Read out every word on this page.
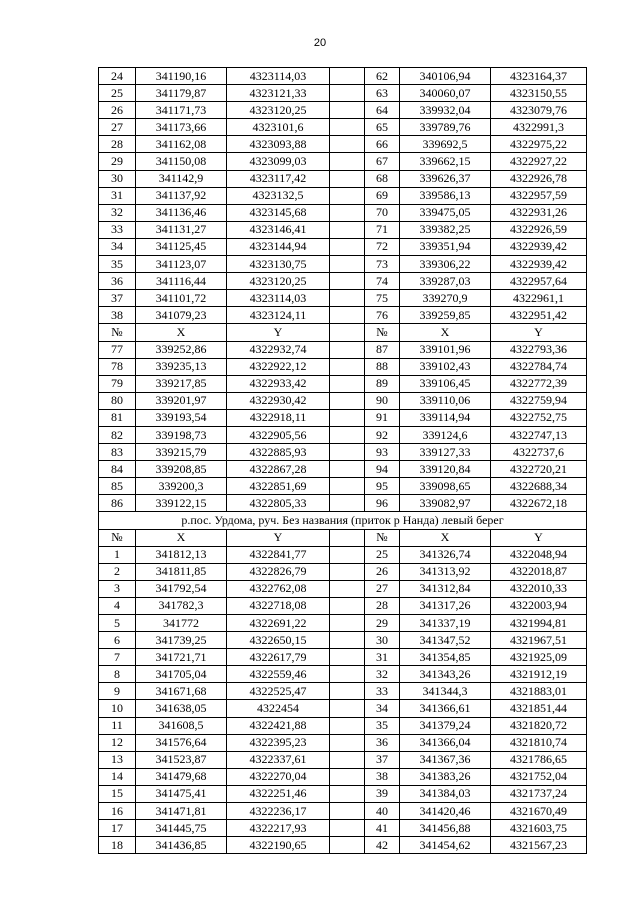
20
24	341190,16	4323114,03		62	340106,94	4323164,37
25	341179,87	4323121,33		63	340060,07	4323150,55
26	341171,73	4323120,25		64	339932,04	4323079,76
27	341173,66	4323101,6		65	339789,76	4322991,3
28	341162,08	4323093,88		66	339692,5	4322975,22
29	341150,08	4323099,03		67	339662,15	4322927,22
30	341142,9	4323117,42		68	339626,37	4322926,78
31	341137,92	4323132,5		69	339586,13	4322957,59
32	341136,46	4323145,68		70	339475,05	4322931,26
33	341131,27	4323146,41		71	339382,25	4322926,59
34	341125,45	4323144,94		72	339351,94	4322939,42
35	341123,07	4323130,75		73	339306,22	4322939,42
36	341116,44	4323120,25		74	339287,03	4322957,64
37	341101,72	4323114,03		75	339270,9	4322961,1
38	341079,23	4323124,11		76	339259,85	4322951,42
№	X	Y		№	X	Y
77	339252,86	4322932,74		87	339101,96	4322793,36
78	339235,13	4322922,12		88	339102,43	4322784,74
79	339217,85	4322933,42		89	339106,45	4322772,39
80	339201,97	4322930,42		90	339110,06	4322759,94
81	339193,54	4322918,11		91	339114,94	4322752,75
82	339198,73	4322905,56		92	339124,6	4322747,13
83	339215,79	4322885,93		93	339127,33	4322737,6
84	339208,85	4322867,28		94	339120,84	4322720,21
85	339200,3	4322851,69		95	339098,65	4322688,34
86	339122,15	4322805,33		96	339082,97	4322672,18
р.пос. Урдома, руч. Без названия (приток р Нанда) левый берег						
№	X	Y		№	X	Y
1	341812,13	4322841,77		25	341326,74	4322048,94
2	341811,85	4322826,79		26	341313,92	4322018,87
3	341792,54	4322762,08		27	341312,84	4322010,33
4	341782,3	4322718,08		28	341317,26	4322003,94
5	341772	4322691,22		29	341337,19	4321994,81
6	341739,25	4322650,15		30	341347,52	4321967,51
7	341721,71	4322617,79		31	341354,85	4321925,09
8	341705,04	4322559,46		32	341343,26	4321912,19
9	341671,68	4322525,47		33	341344,3	4321883,01
10	341638,05	4322454		34	341366,61	4321851,44
11	341608,5	4322421,88		35	341379,24	4321820,72
12	341576,64	4322395,23		36	341366,04	4321810,74
13	341523,87	4322337,61		37	341367,36	4321786,65
14	341479,68	4322270,04		38	341383,26	4321752,04
15	341475,41	4322251,46		39	341384,03	4321737,24
16	341471,81	4322236,17		40	341420,46	4321670,49
17	341445,75	4322217,93		41	341456,88	4321603,75
18	341436,85	4322190,65		42	341454,62	4321567,23
